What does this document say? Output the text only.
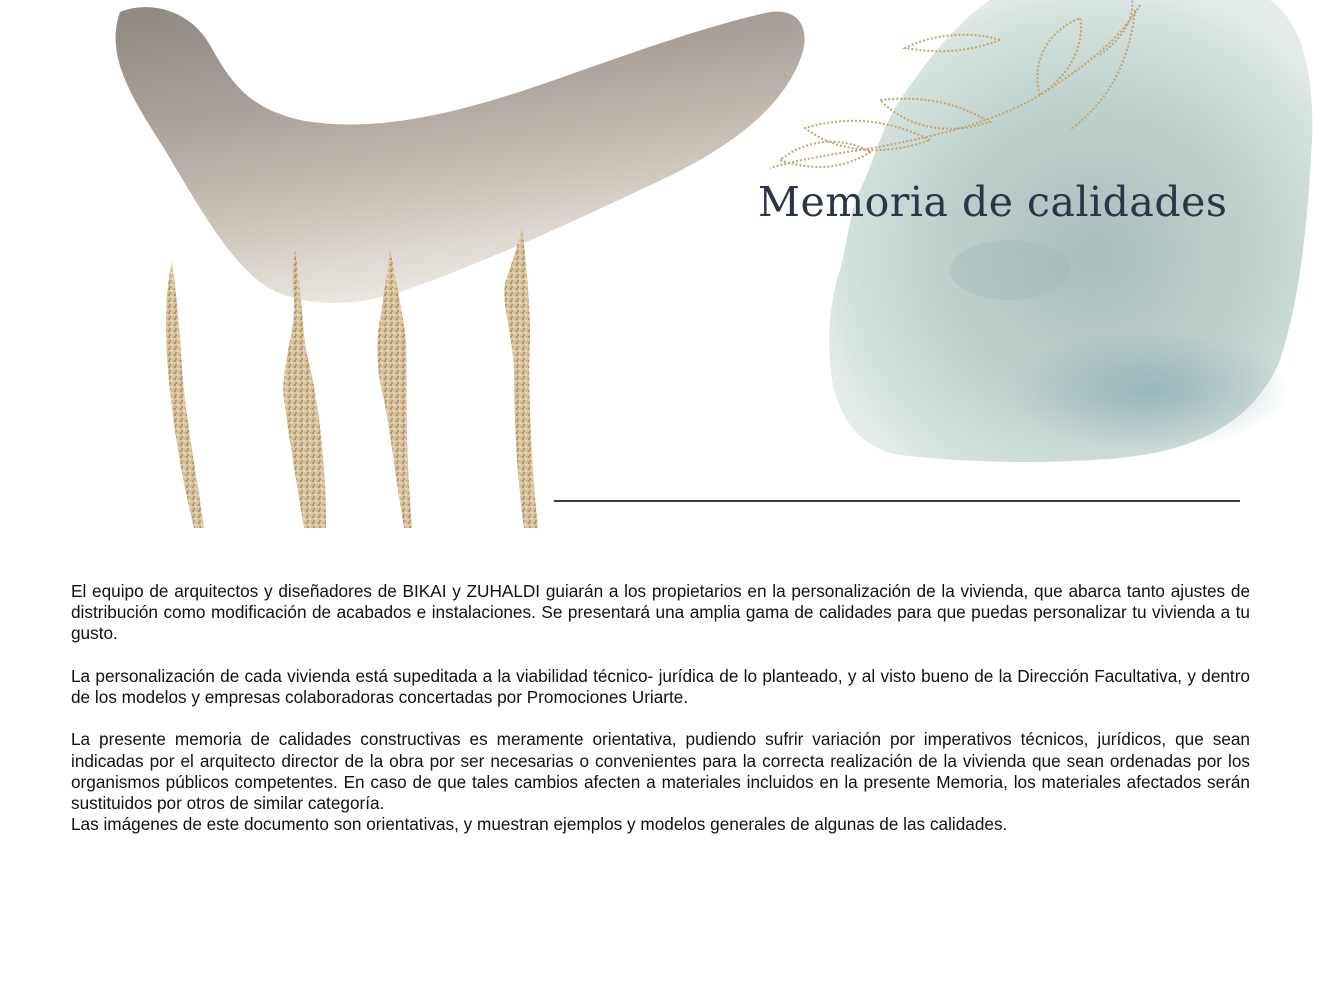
Memoria de calidades

El equipo de arquitectos y diseñadores de BIKAI y ZUHALDI guiarán a los propietarios en la personalización de la vivienda, que abarca tanto ajustes de distribución como modificación de acabados e instalaciones. Se presentará una amplia gama de calidades para que puedas personalizar tu vivienda a tu gusto.

La personalización de cada vivienda está supeditada a la viabilidad técnico- jurídica de lo planteado, y al visto bueno de la Dirección Facultativa, y dentro de los modelos y empresas colaboradoras concertadas por Promociones Uriarte.

La presente memoria de calidades constructivas es meramente orientativa, pudiendo sufrir variación por imperativos técnicos, jurídicos, que sean indicadas por el arquitecto director de la obra por ser necesarias o convenientes para la correcta realización de la vivienda que sean ordenadas por los organismos públicos competentes. En caso de que tales cambios afecten a materiales incluidos en la presente Memoria, los materiales afectados serán sustituidos por otros de similar categoría.

Las imágenes de este documento son orientativas, y muestran ejemplos y modelos generales de algunas de las calidades.
